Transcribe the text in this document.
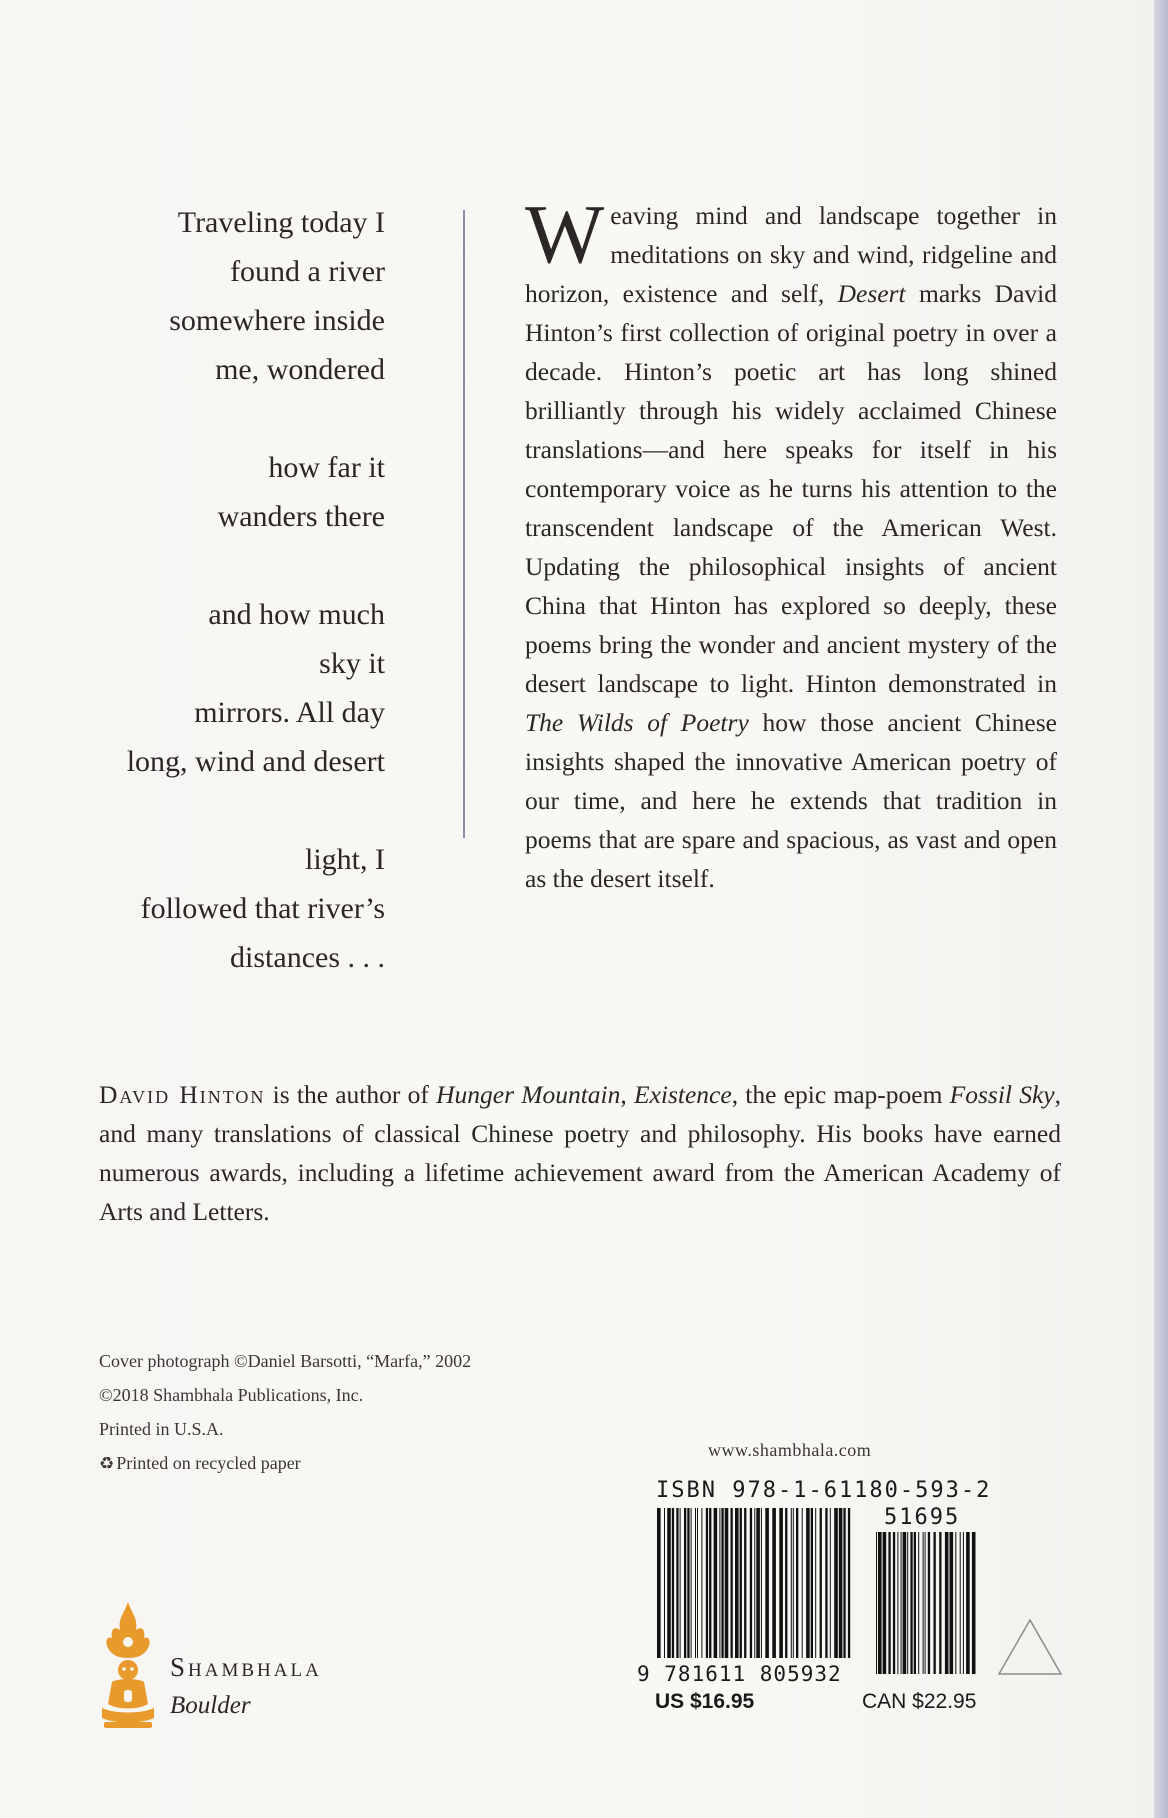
Traveling today I
found a river
somewhere inside
me, wondered
how far it
wanders there
and how much
sky it
mirrors. All day
long, wind and desert
light, I
followed that river’s
distances . . .
W eaving mind and landscape together in meditations on sky and wind, ridgeline and horizon, existence and self, Desert marks David Hinton’s first collection of original poetry in over a decade. Hinton’s poetic art has long shined brilliantly through his widely acclaimed Chinese translations—and here speaks for itself in his contemporary voice as he turns his attention to the transcendent landscape of the American West. Updating the philosophical insights of ancient China that Hinton has explored so deeply, these poems bring the wonder and ancient mystery of the desert landscape to light. Hinton demonstrated in The Wilds of Poetry how those ancient Chinese insights shaped the innovative American poetry of our time, and here he extends that tradition in poems that are spare and spacious, as vast and open as the desert itself.
David Hinton is the author of Hunger Mountain, Existence, the epic map-poem Fossil Sky, and many translations of classical Chinese poetry and philosophy. His books have earned numerous awards, including a lifetime achievement award from the American Academy of Arts and Letters.
Cover photograph ©Daniel Barsotti, “Marfa,” 2002
©2018 Shambhala Publications, Inc.
Printed in U.S.A.
♻ Printed on recycled paper
www.shambhala.com
ISBN 978-1-61180-593-2
51695
9 781611 805932
US $16.95	CAN $22.95
Shambhala
Boulder
